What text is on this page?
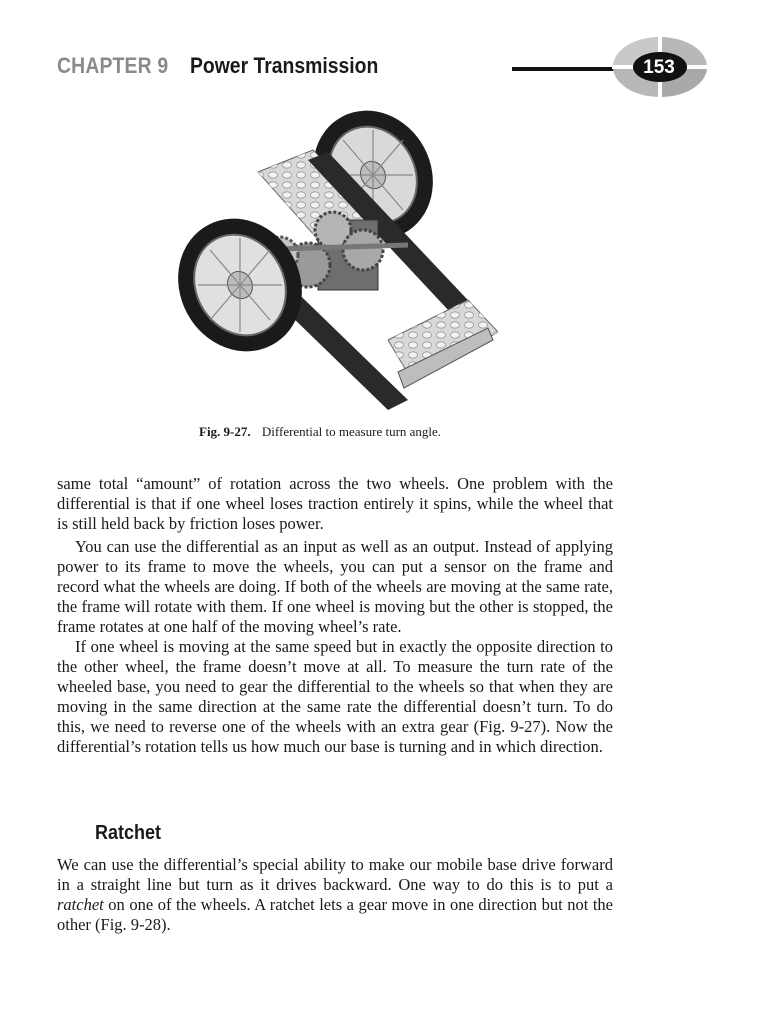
CHAPTER 9 Power Transmission	153
Fig. 9-27. Differential to measure turn angle.

same total “amount” of rotation across the two wheels. One problem with the differential is that if one wheel loses traction entirely it spins, while the wheel that is still held back by friction loses power.

You can use the differential as an input as well as an output. Instead of applying power to its frame to move the wheels, you can put a sensor on the frame and record what the wheels are doing. If both of the wheels are moving at the same rate, the frame will rotate with them. If one wheel is moving but the other is stopped, the frame rotates at one half of the moving wheel’s rate.

If one wheel is moving at the same speed but in exactly the opposite direction to the other wheel, the frame doesn’t move at all. To measure the turn rate of the wheeled base, you need to gear the differential to the wheels so that when they are moving in the same direction at the same rate the differential doesn’t turn. To do this, we need to reverse one of the wheels with an extra gear (Fig. 9-27). Now the differential’s rotation tells us how much our base is turning and in which direction.

Ratchet

We can use the differential’s special ability to make our mobile base drive forward in a straight line but turn as it drives backward. One way to do this is to put a ratchet on one of the wheels. A ratchet lets a gear move in one direction but not the other (Fig. 9-28).
